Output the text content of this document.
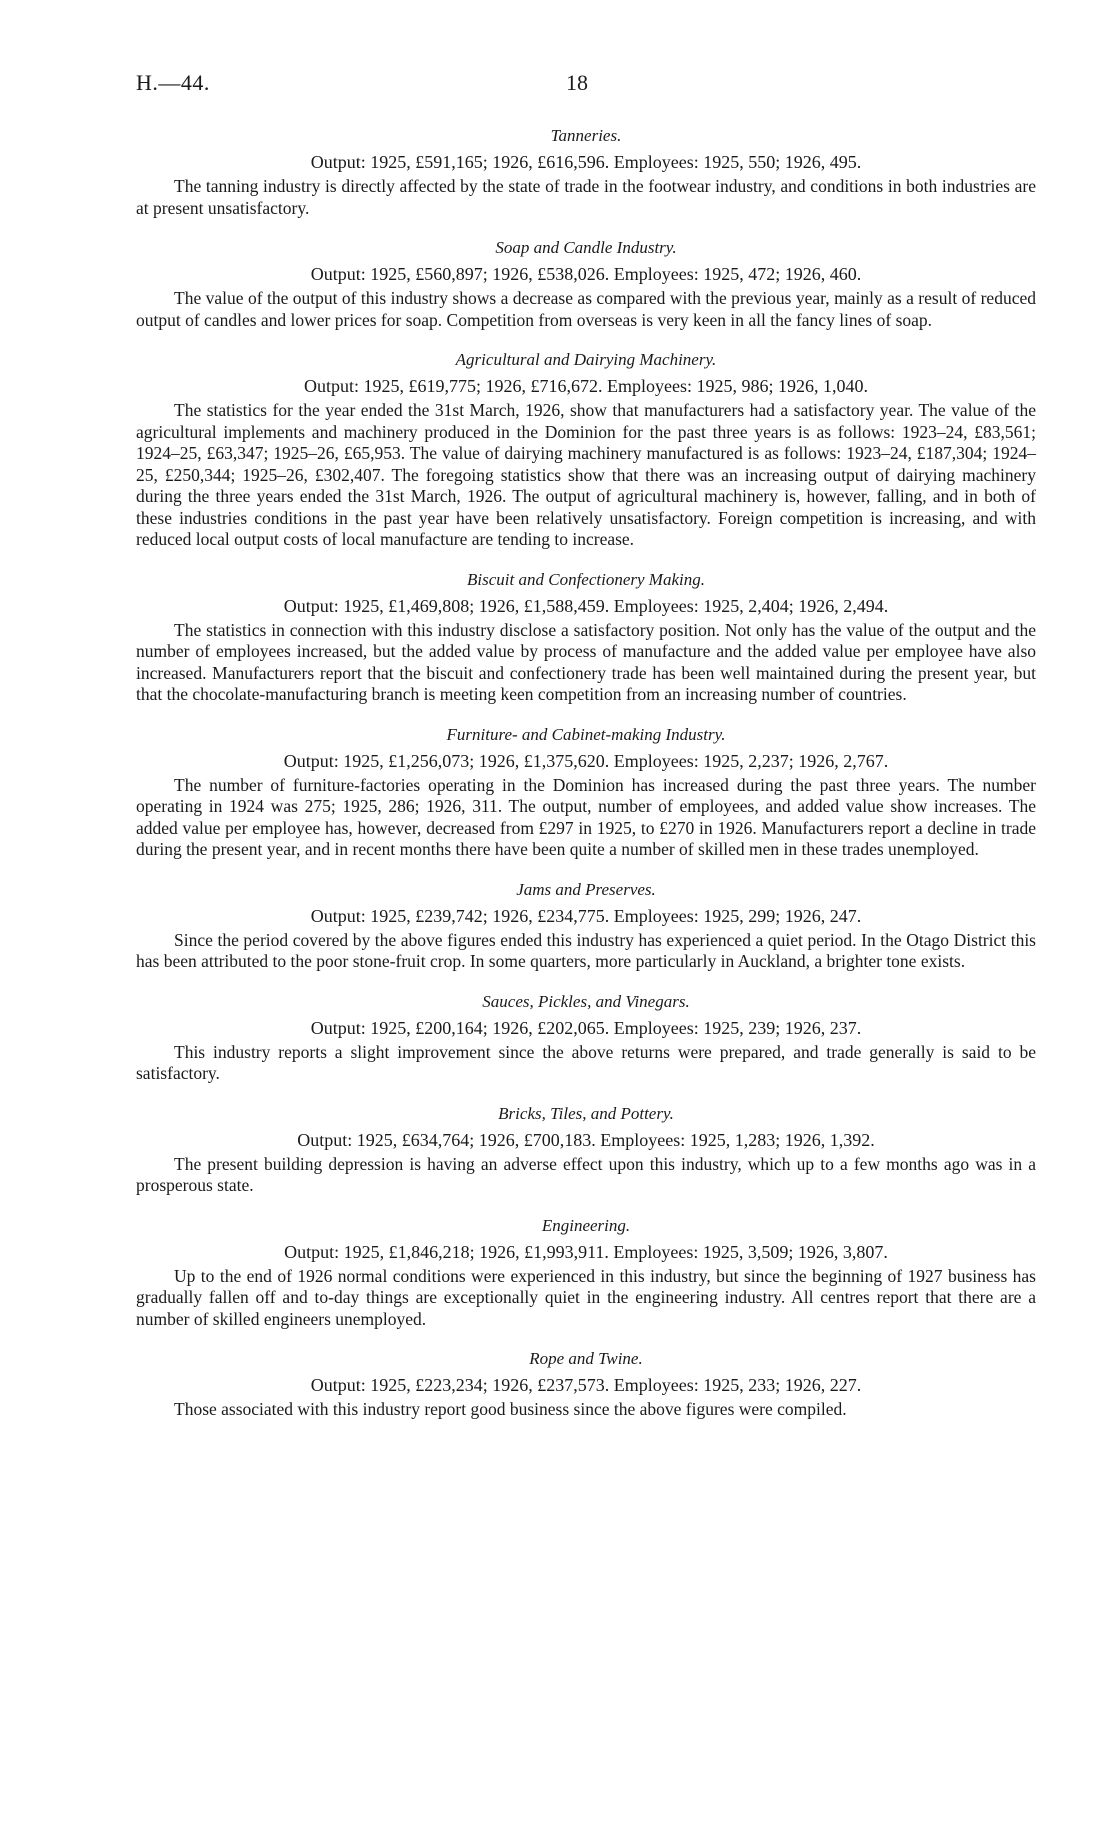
H.—44.	18

Tanneries.

Output: 1925, £591,165; 1926, £616,596. Employees: 1925, 550; 1926, 495.

The tanning industry is directly affected by the state of trade in the footwear industry, and conditions in both industries are at present unsatisfactory.

Soap and Candle Industry.

Output: 1925, £560,897; 1926, £538,026. Employees: 1925, 472; 1926, 460.

The value of the output of this industry shows a decrease as compared with the previous year, mainly as a result of reduced output of candles and lower prices for soap. Competition from overseas is very keen in all the fancy lines of soap.

Agricultural and Dairying Machinery.

Output: 1925, £619,775; 1926, £716,672. Employees: 1925, 986; 1926, 1,040.

The statistics for the year ended the 31st March, 1926, show that manufacturers had a satisfactory year. The value of the agricultural implements and machinery produced in the Dominion for the past three years is as follows: 1923–24, £83,561; 1924–25, £63,347; 1925–26, £65,953. The value of dairying machinery manufactured is as follows: 1923–24, £187,304; 1924–25, £250,344; 1925–26, £302,407. The foregoing statistics show that there was an increasing output of dairying machinery during the three years ended the 31st March, 1926. The output of agricultural machinery is, however, falling, and in both of these industries conditions in the past year have been relatively unsatisfactory. Foreign competition is increasing, and with reduced local output costs of local manufacture are tending to increase.

Biscuit and Confectionery Making.

Output: 1925, £1,469,808; 1926, £1,588,459. Employees: 1925, 2,404; 1926, 2,494.

The statistics in connection with this industry disclose a satisfactory position. Not only has the value of the output and the number of employees increased, but the added value by process of manufacture and the added value per employee have also increased. Manufacturers report that the biscuit and confectionery trade has been well maintained during the present year, but that the chocolate-manufacturing branch is meeting keen competition from an increasing number of countries.

Furniture- and Cabinet-making Industry.

Output: 1925, £1,256,073; 1926, £1,375,620. Employees: 1925, 2,237; 1926, 2,767.

The number of furniture-factories operating in the Dominion has increased during the past three years. The number operating in 1924 was 275; 1925, 286; 1926, 311. The output, number of employees, and added value show increases. The added value per employee has, however, decreased from £297 in 1925, to £270 in 1926. Manufacturers report a decline in trade during the present year, and in recent months there have been quite a number of skilled men in these trades unemployed.

Jams and Preserves.

Output: 1925, £239,742; 1926, £234,775. Employees: 1925, 299; 1926, 247.

Since the period covered by the above figures ended this industry has experienced a quiet period. In the Otago District this has been attributed to the poor stone-fruit crop. In some quarters, more particularly in Auckland, a brighter tone exists.

Sauces, Pickles, and Vinegars.

Output: 1925, £200,164; 1926, £202,065. Employees: 1925, 239; 1926, 237.

This industry reports a slight improvement since the above returns were prepared, and trade generally is said to be satisfactory.

Bricks, Tiles, and Pottery.

Output: 1925, £634,764; 1926, £700,183. Employees: 1925, 1,283; 1926, 1,392.

The present building depression is having an adverse effect upon this industry, which up to a few months ago was in a prosperous state.

Engineering.

Output: 1925, £1,846,218; 1926, £1,993,911. Employees: 1925, 3,509; 1926, 3,807.

Up to the end of 1926 normal conditions were experienced in this industry, but since the beginning of 1927 business has gradually fallen off and to-day things are exceptionally quiet in the engineering industry. All centres report that there are a number of skilled engineers unemployed.

Rope and Twine.

Output: 1925, £223,234; 1926, £237,573. Employees: 1925, 233; 1926, 227.

Those associated with this industry report good business since the above figures were compiled.
